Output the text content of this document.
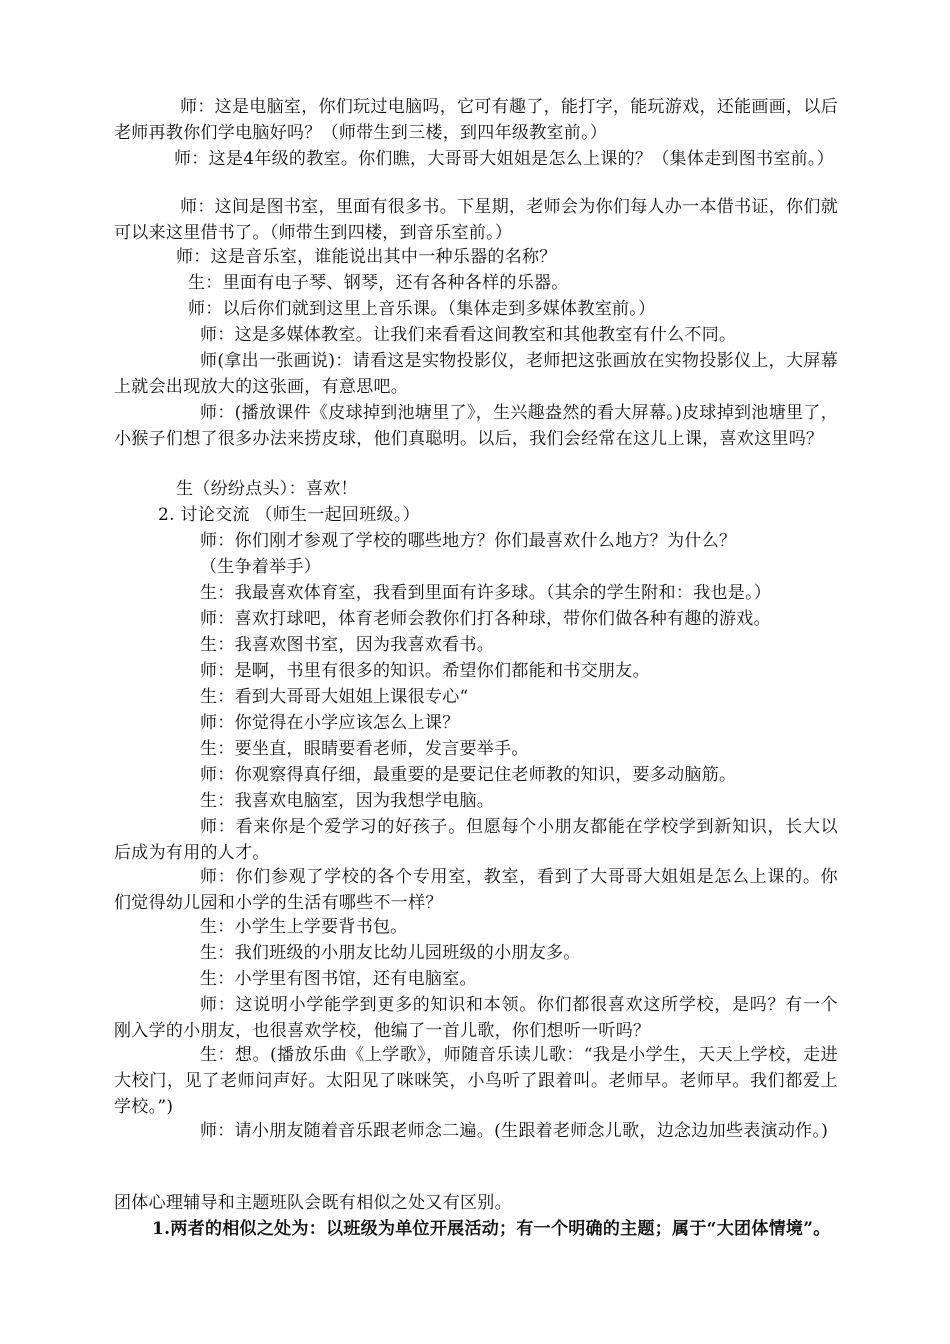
师：这是电脑室，你们玩过电脑吗，它可有趣了，能打字，能玩游戏，还能画画，以后老师再教你们学电脑好吗？（师带生到三楼，到四年级教室前。）

师：这是4年级的教室。你们瞧，大哥哥大姐姐是怎么上课的？（集体走到图书室前。）

师：这间是图书室，里面有很多书。下星期，老师会为你们每人办一本借书证，你们就可以来这里借书了。（师带生到四楼，到音乐室前。）

师：这是音乐室，谁能说出其中一种乐器的名称？

生：里面有电子琴、钢琴，还有各种各样的乐器。

师：以后你们就到这里上音乐课。（集体走到多媒体教室前。）

师：这是多媒体教室。让我们来看看这间教室和其他教室有什么不同。

师(拿出一张画说)：请看这是实物投影仪，老师把这张画放在实物投影仪上，大屏幕上就会出现放大的这张画，有意思吧。

师：(播放课件《皮球掉到池塘里了》，生兴趣盎然的看大屏幕。)皮球掉到池塘里了，小猴子们想了很多办法来捞皮球，他们真聪明。以后，我们会经常在这儿上课，喜欢这里吗？

生（纷纷点头）：喜欢！

2. 讨论交流 （师生一起回班级。）

师：你们刚才参观了学校的哪些地方？你们最喜欢什么地方？为什么？

（生争着举手）

生：我最喜欢体育室，我看到里面有许多球。（其余的学生附和：我也是。）

师：喜欢打球吧，体育老师会教你们打各种球，带你们做各种有趣的游戏。

生：我喜欢图书室，因为我喜欢看书。

师：是啊，书里有很多的知识。希望你们都能和书交朋友。

生：看到大哥哥大姐姐上课很专心“

师：你觉得在小学应该怎么上课？

生：要坐直，眼睛要看老师，发言要举手。

师：你观察得真仔细，最重要的是要记住老师教的知识，要多动脑筋。

生：我喜欢电脑室，因为我想学电脑。

师：看来你是个爱学习的好孩子。但愿每个小朋友都能在学校学到新知识，长大以后成为有用的人才。

师：你们参观了学校的各个专用室，教室，看到了大哥哥大姐姐是怎么上课的。你们觉得幼儿园和小学的生活有哪些不一样？

生：小学生上学要背书包。

生：我们班级的小朋友比幼儿园班级的小朋友多。

生：小学里有图书馆，还有电脑室。

师：这说明小学能学到更多的知识和本领。你们都很喜欢这所学校，是吗？有一个刚入学的小朋友，也很喜欢学校，他编了一首儿歌，你们想听一听吗？

生：想。(播放乐曲《上学歌》，师随音乐读儿歌：“我是小学生，天天上学校，走进大校门，见了老师问声好。太阳见了咪咪笑，小鸟听了跟着叫。老师早。老师早。我们都爱上学校。”)

师：请小朋友随着音乐跟老师念二遍。(生跟着老师念儿歌，边念边加些表演动作。)

团体心理辅导和主题班队会既有相似之处又有区别。

1.两者的相似之处为：以班级为单位开展活动；有一个明确的主题；属于“大团体情境”。
